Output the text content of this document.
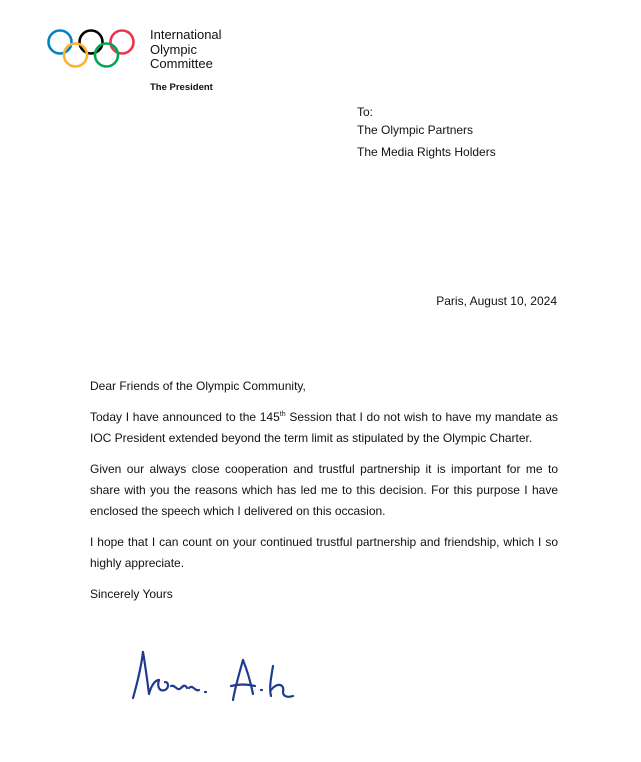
International
Olympic
Committee
The President
To:
The Olympic Partners
The Media Rights Holders
Paris, August 10, 2024

Dear Friends of the Olympic Community,

Today I have announced to the 145th Session that I do not wish to have my mandate as IOC President extended beyond the term limit as stipulated by the Olympic Charter.

Given our always close cooperation and trustful partnership it is important for me to share with you the reasons which has led me to this decision. For this purpose I have enclosed the speech which I delivered on this occasion.

I hope that I can count on your continued trustful partnership and friendship, which I so highly appreciate.

Sincerely Yours
